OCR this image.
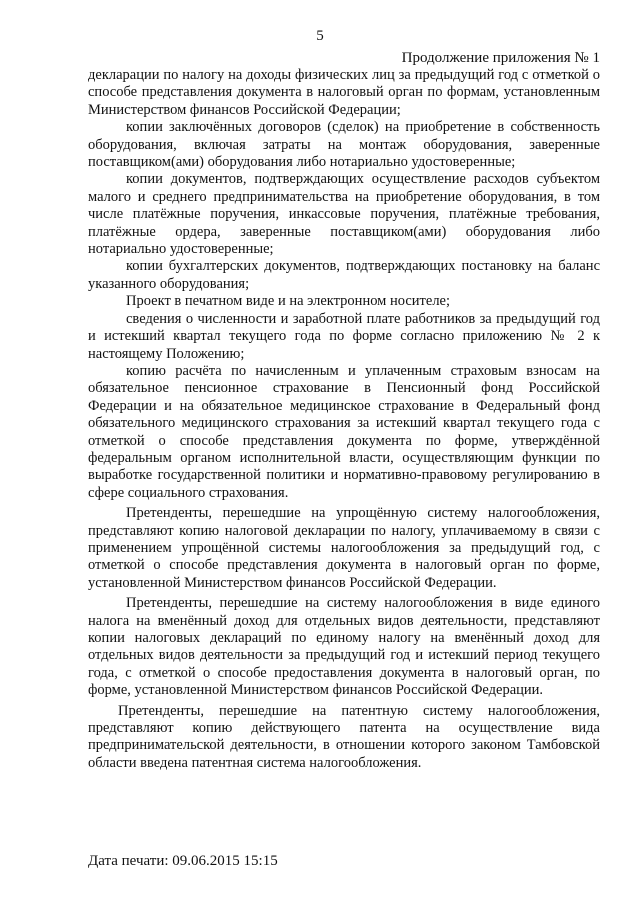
5
Продолжение приложения № 1

декларации по налогу на доходы физических лиц за предыдущий год с отметкой о способе представления документа в налоговый орган по формам, установленным Министерством финансов Российской Федерации;

копии заключённых договоров (сделок) на приобретение в собственность оборудования, включая затраты на монтаж оборудования, заверенные поставщиком(ами) оборудования либо нотариально удостоверенные;

копии документов, подтверждающих осуществление расходов субъектом малого и среднего предпринимательства на приобретение оборудования, в том числе платёжные поручения, инкассовые поручения, платёжные требования, платёжные ордера, заверенные поставщиком(ами) оборудования либо нотариально удостоверенные;

копии бухгалтерских документов, подтверждающих постановку на баланс указанного оборудования;

Проект в печатном виде и на электронном носителе;

сведения о численности и заработной плате работников за предыдущий год и истекший квартал текущего года по форме согласно приложению № 2 к настоящему Положению;

копию расчёта по начисленным и уплаченным страховым взносам на обязательное пенсионное страхование в Пенсионный фонд Российской Федерации и на обязательное медицинское страхование в Федеральный фонд обязательного медицинского страхования за истекший квартал текущего года с отметкой о способе представления документа по форме, утверждённой федеральным органом исполнительной власти, осуществляющим функции по выработке государственной политики и нормативно-правовому регулированию в сфере социального страхования.

Претенденты, перешедшие на упрощённую систему налогообложения, представляют копию налоговой декларации по налогу, уплачиваемому в связи с применением упрощённой системы налогообложения за предыдущий год, с отметкой о способе представления документа в налоговый орган по форме, установленной Министерством финансов Российской Федерации.

Претенденты, перешедшие на систему налогообложения в виде единого налога на вменённый доход для отдельных видов деятельности, представляют копии налоговых деклараций по единому налогу на вменённый доход для отдельных видов деятельности за предыдущий год и истекший период текущего года, с отметкой о способе предоставления документа в налоговый орган, по форме, установленной Министерством финансов Российской Федерации.

Претенденты, перешедшие на патентную систему налогообложения, представляют копию действующего патента на осуществление вида предпринимательской деятельности, в отношении которого законом Тамбовской области введена патентная система налогообложения.

Дата печати: 09.06.2015 15:15
